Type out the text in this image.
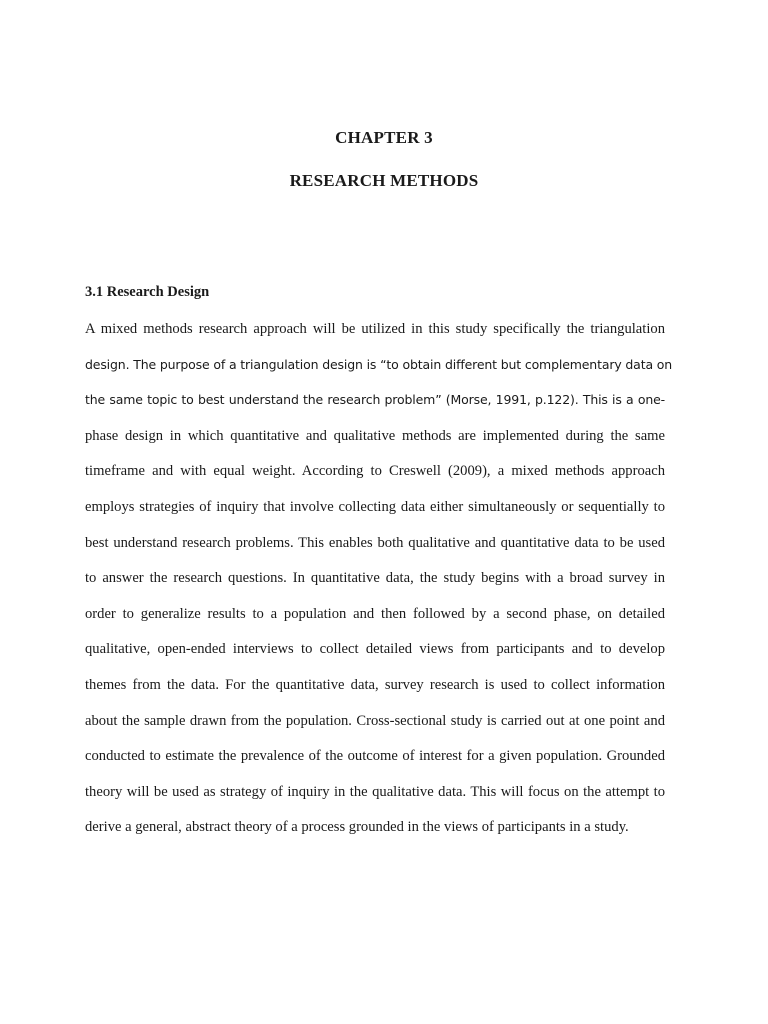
CHAPTER 3
RESEARCH METHODS
3.1 Research Design
A mixed methods research approach will be utilized in this study specifically the triangulation
design. The purpose of a triangulation design is “to obtain different but complementary data on
the same topic to best understand the research problem” (Morse, 1991, p.122). This is a one-
phase design in which quantitative and qualitative methods are implemented during the same
timeframe and with equal weight. According to Creswell (2009), a mixed methods approach
employs strategies of inquiry that involve collecting data either simultaneously or sequentially to
best understand research problems. This enables both qualitative and quantitative data to be used
to answer the research questions. In quantitative data, the study begins with a broad survey in
order to generalize results to a population and then followed by a second phase, on detailed
qualitative, open-ended interviews to collect detailed views from participants and to develop
themes from the data. For the quantitative data, survey research is used to collect information
about the sample drawn from the population. Cross-sectional study is carried out at one point and
conducted to estimate the prevalence of the outcome of interest for a given population. Grounded
theory will be used as strategy of inquiry in the qualitative data. This will focus on the attempt to
derive a general, abstract theory of a process grounded in the views of participants in a study.
